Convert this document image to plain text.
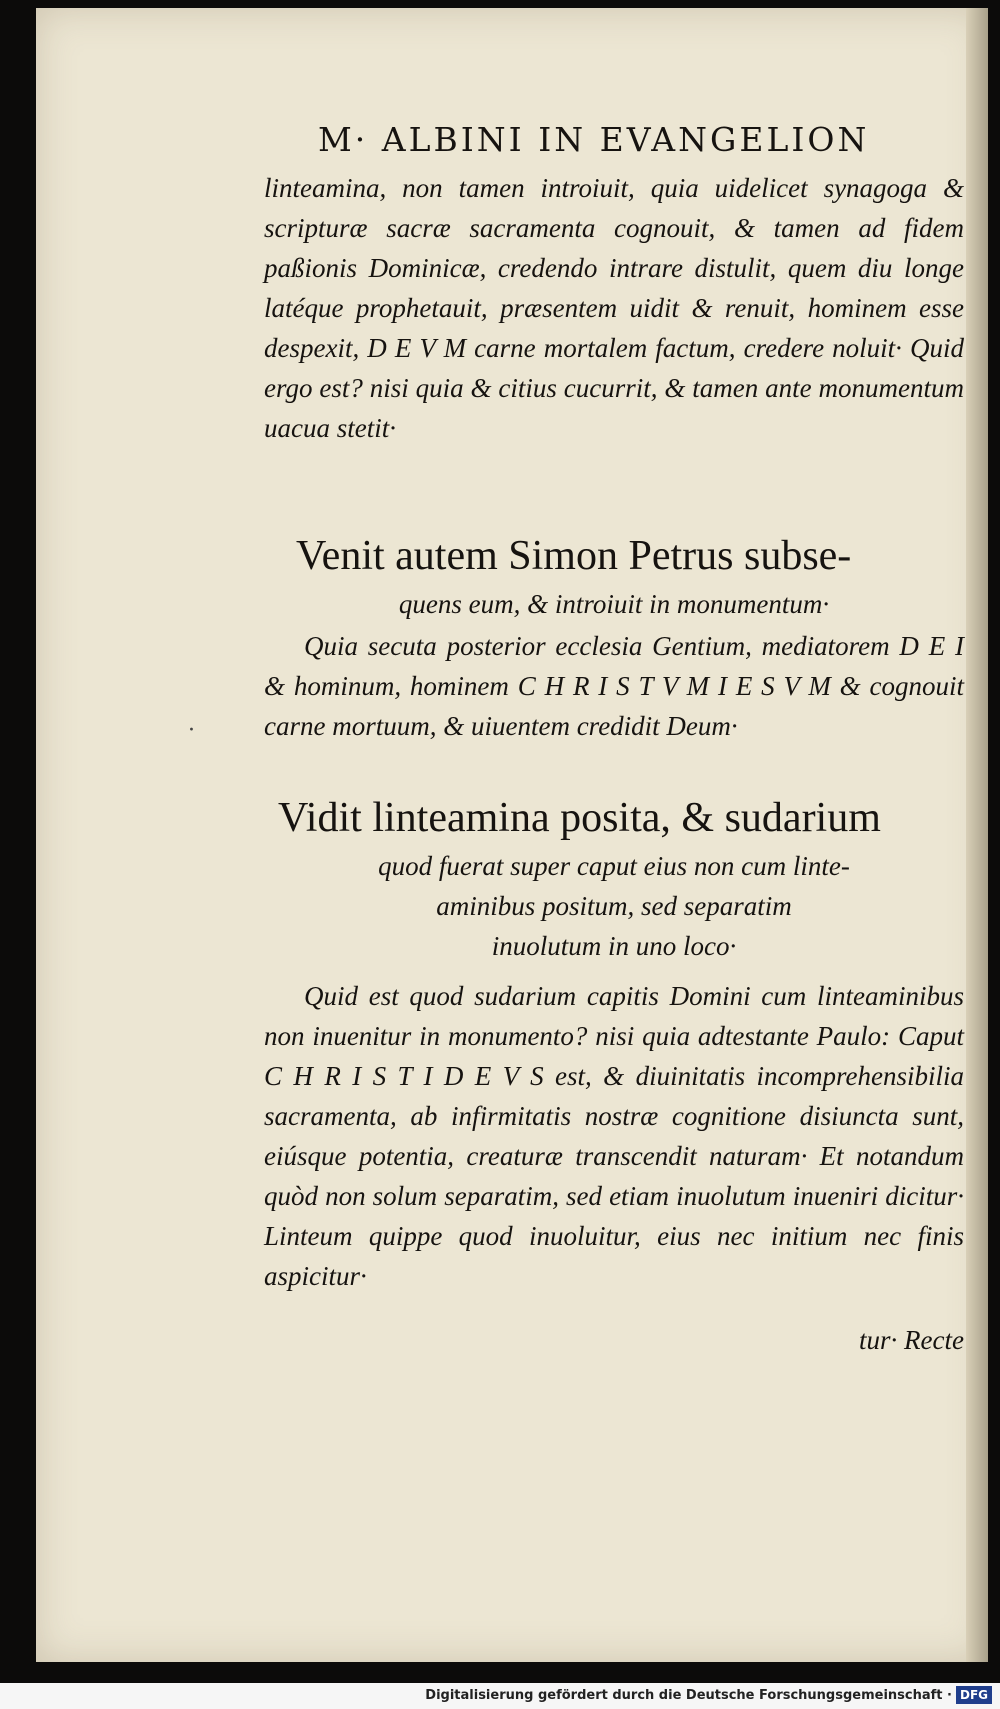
M· ALBINI IN EVANGELION

linteamina, non tamen introiuit, quia uidelicet synagoga & scripturæ sacræ sacramenta cognouit, & tamen ad fidem paßionis Dominicæ, credendo intrare distulit, quem diu longe latéque prophetauit, præsentem uidit & renuit, hominem esse despexit, D E V M carne mortalem factum, credere noluit· Quid ergo est? nisi quia & citius cucurrit, & tamen ante monumentum uacua stetit·

Venit autem Simon Petrus subse-
quens eum, & introiuit in monumentum·

Quia secuta posterior ecclesia Gentium, mediatorem D E I & hominum, hominem C H R I S T V M I E S V M & cognouit carne mortuum, & uiuentem credidit Deum·

Vidit linteamina posita, & sudarium
quod fuerat super caput eius non cum linte-
aminibus positum, sed separatim
inuolutum in uno loco·

Quid est quod sudarium capitis Domini cum linteaminibus non inuenitur in monumento? nisi quia adtestante Paulo: Caput C H R I S T I D E V S est, & diuinitatis incomprehensibilia sacramenta, ab infirmitatis nostræ cognitione disiuncta sunt, eiúsque potentia, creaturæ transcendit naturam· Et notandum quòd non solum separatim, sed etiam inuolutum inueniri dicitur· Linteum quippe quod inuoluitur, eius nec initium nec finis aspicitur·

tur· Recte
·
Digitalisierung gefördert durch die Deutsche Forschungsgemeinschaft · DFG
